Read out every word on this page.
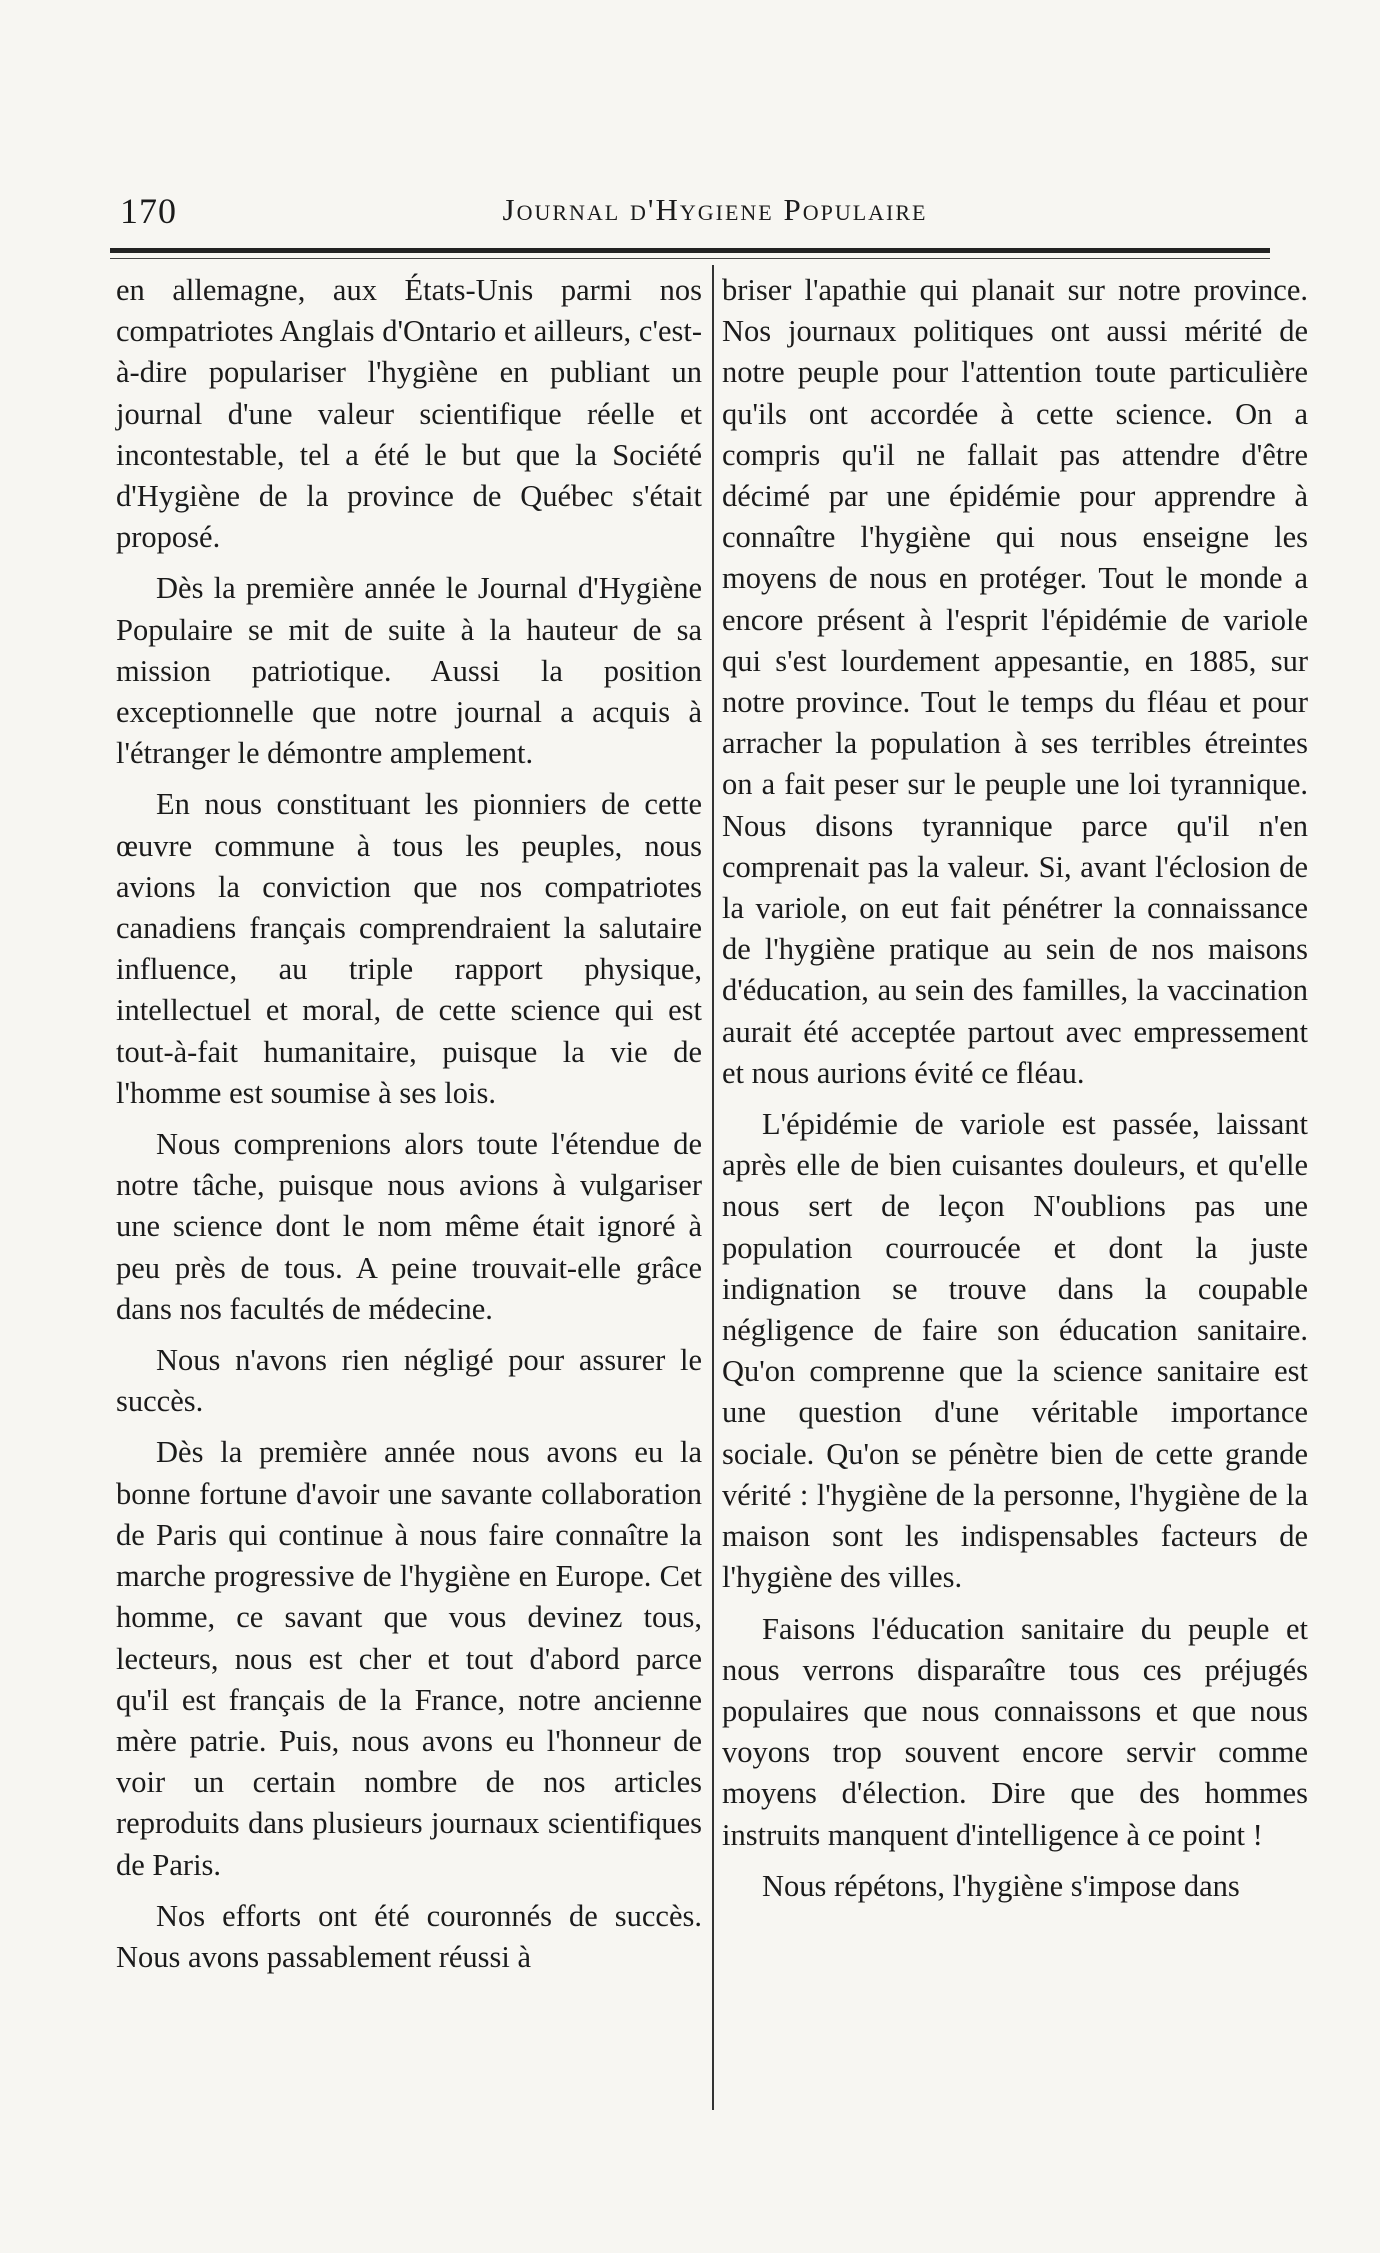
170	Journal d'Hygiene Populaire

en allemagne, aux États-Unis parmi nos compatriotes Anglais d'Ontario et ailleurs, c'est-à-dire populariser l'hygiène en publiant un journal d'une valeur scientifique réelle et incontestable, tel a été le but que la Société d'Hygiène de la province de Québec s'était proposé.

Dès la première année le Journal d'Hygiène Populaire se mit de suite à la hauteur de sa mission patriotique. Aussi la position exceptionnelle que notre journal a acquis à l'étranger le démontre amplement.

En nous constituant les pionniers de cette œuvre commune à tous les peuples, nous avions la conviction que nos compatriotes canadiens français comprendraient la salutaire influence, au triple rapport physique, intellectuel et moral, de cette science qui est tout-à-fait humanitaire, puisque la vie de l'homme est soumise à ses lois.

Nous comprenions alors toute l'étendue de notre tâche, puisque nous avions à vulgariser une science dont le nom même était ignoré à peu près de tous. A peine trouvait-elle grâce dans nos facultés de médecine.

Nous n'avons rien négligé pour assurer le succès.

Dès la première année nous avons eu la bonne fortune d'avoir une savante collaboration de Paris qui continue à nous faire connaître la marche progressive de l'hygiène en Europe. Cet homme, ce savant que vous devinez tous, lecteurs, nous est cher et tout d'abord parce qu'il est français de la France, notre ancienne mère patrie. Puis, nous avons eu l'honneur de voir un certain nombre de nos articles reproduits dans plusieurs journaux scientifiques de Paris.

Nos efforts ont été couronnés de succès. Nous avons passablement réussi à

briser l'apathie qui planait sur notre province. Nos journaux politiques ont aussi mérité de notre peuple pour l'attention toute particulière qu'ils ont accordée à cette science. On a compris qu'il ne fallait pas attendre d'être décimé par une épidémie pour apprendre à connaître l'hygiène qui nous enseigne les moyens de nous en protéger. Tout le monde a encore présent à l'esprit l'épidémie de variole qui s'est lourdement appesantie, en 1885, sur notre province. Tout le temps du fléau et pour arracher la population à ses terribles étreintes on a fait peser sur le peuple une loi tyrannique. Nous disons tyrannique parce qu'il n'en comprenait pas la valeur. Si, avant l'éclosion de la variole, on eut fait pénétrer la connaissance de l'hygiène pratique au sein de nos maisons d'éducation, au sein des familles, la vaccination aurait été acceptée partout avec empressement et nous aurions évité ce fléau.

L'épidémie de variole est passée, laissant après elle de bien cuisantes douleurs, et qu'elle nous sert de leçon N'oublions pas une population courroucée et dont la juste indignation se trouve dans la coupable négligence de faire son éducation sanitaire. Qu'on comprenne que la science sanitaire est une question d'une véritable importance sociale. Qu'on se pénètre bien de cette grande vérité : l'hygiène de la personne, l'hygiène de la maison sont les indispensables facteurs de l'hygiène des villes.

Faisons l'éducation sanitaire du peuple et nous verrons disparaître tous ces préjugés populaires que nous connaissons et que nous voyons trop souvent encore servir comme moyens d'élection. Dire que des hommes instruits manquent d'intelligence à ce point !

Nous répétons, l'hygiène s'impose dans
